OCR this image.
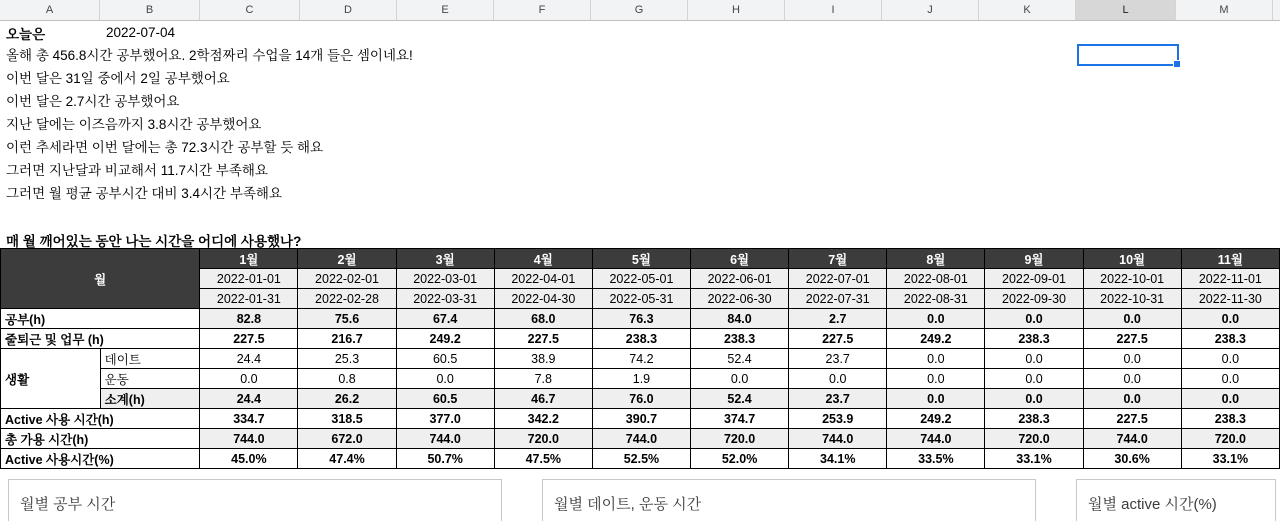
A	B	C	D	E	F	G	H	I	J	K	L	M
오늘은	2022-07-04
올해 총 456.8시간 공부했어요. 2학점짜리 수업을 14개 들은 셈이네요!
이번 달은 31일 중에서 2일 공부했어요
이번 달은 2.7시간 공부했어요
지난 달에는 이즈음까지 3.8시간 공부했어요
이런 추세라면 이번 달에는 총 72.3시간 공부할 듯 해요
그러면 지난달과 비교해서 11.7시간 부족해요
그러면 월 평균 공부시간 대비 3.4시간 부족해요
매 월 깨어있는 동안 나는 시간을 어디에 사용했나?
월		1월	2월	3월	4월	5월	6월	7월	8월	9월	10월	11월
		2022-01-01	2022-02-01	2022-03-01	2022-04-01	2022-05-01	2022-06-01	2022-07-01	2022-08-01	2022-09-01	2022-10-01	2022-11-01
		2022-01-31	2022-02-28	2022-03-31	2022-04-30	2022-05-31	2022-06-30	2022-07-31	2022-08-31	2022-09-30	2022-10-31	2022-11-30
공부(h)		82.8	75.6	67.4	68.0	76.3	84.0	2.7	0.0	0.0	0.0	0.0
줄퇴근 및 업무 (h)		227.5	216.7	249.2	227.5	238.3	238.3	227.5	249.2	238.3	227.5	238.3
생활	데이트	24.4	25.3	60.5	38.9	74.2	52.4	23.7	0.0	0.0	0.0	0.0
	운동	0.0	0.8	0.0	7.8	1.9	0.0	0.0	0.0	0.0	0.0	0.0
	소계(h)	24.4	26.2	60.5	46.7	76.0	52.4	23.7	0.0	0.0	0.0	0.0
Active 사용 시간(h)		334.7	318.5	377.0	342.2	390.7	374.7	253.9	249.2	238.3	227.5	238.3
총 가용 시간(h)		744.0	672.0	744.0	720.0	744.0	720.0	744.0	744.0	720.0	744.0	720.0
Active 사용시간(%)		45.0%	47.4%	50.7%	47.5%	52.5%	52.0%	34.1%	33.5%	33.1%	30.6%	33.1%
월별 공부 시간	월별 데이트, 운동 시간	월별 active 시간(%)
